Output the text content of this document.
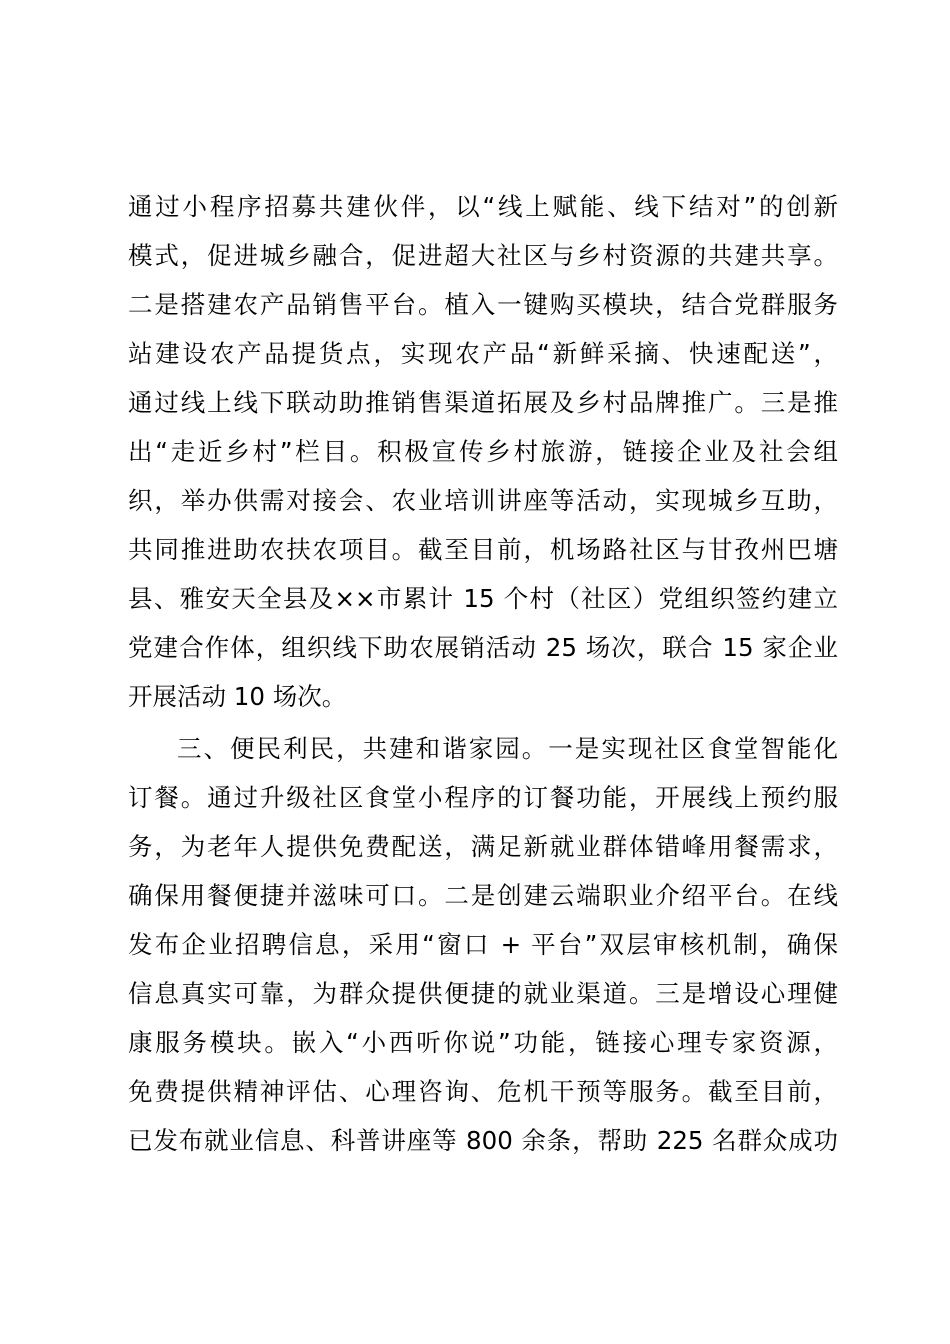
通过小程序招募共建伙伴，以“线上赋能、线下结对”的创新
模式，促进城乡融合，促进超大社区与乡村资源的共建共享。
二是搭建农产品销售平台。植入一键购买模块，结合党群服务
站建设农产品提货点，实现农产品“新鲜采摘、快速配送”，
通过线上线下联动助推销售渠道拓展及乡村品牌推广。三是推
出“走近乡村”栏目。积极宣传乡村旅游，链接企业及社会组
织，举办供需对接会、农业培训讲座等活动，实现城乡互助，
共同推进助农扶农项目。截至目前，机场路社区与甘孜州巴塘
县、雅安天全县及××市累计 15 个村（社区）党组织签约建立
党建合作体，组织线下助农展销活动 25 场次，联合 15 家企业
开展活动 10 场次。
三、便民利民，共建和谐家园。一是实现社区食堂智能化
订餐。通过升级社区食堂小程序的订餐功能，开展线上预约服
务，为老年人提供免费配送，满足新就业群体错峰用餐需求，
确保用餐便捷并滋味可口。二是创建云端职业介绍平台。在线
发布企业招聘信息，采用“窗口 + 平台”双层审核机制，确保
信息真实可靠，为群众提供便捷的就业渠道。三是增设心理健
康服务模块。嵌入“小西听你说”功能，链接心理专家资源，
免费提供精神评估、心理咨询、危机干预等服务。截至目前，
已发布就业信息、科普讲座等 800 余条，帮助 225 名群众成功
